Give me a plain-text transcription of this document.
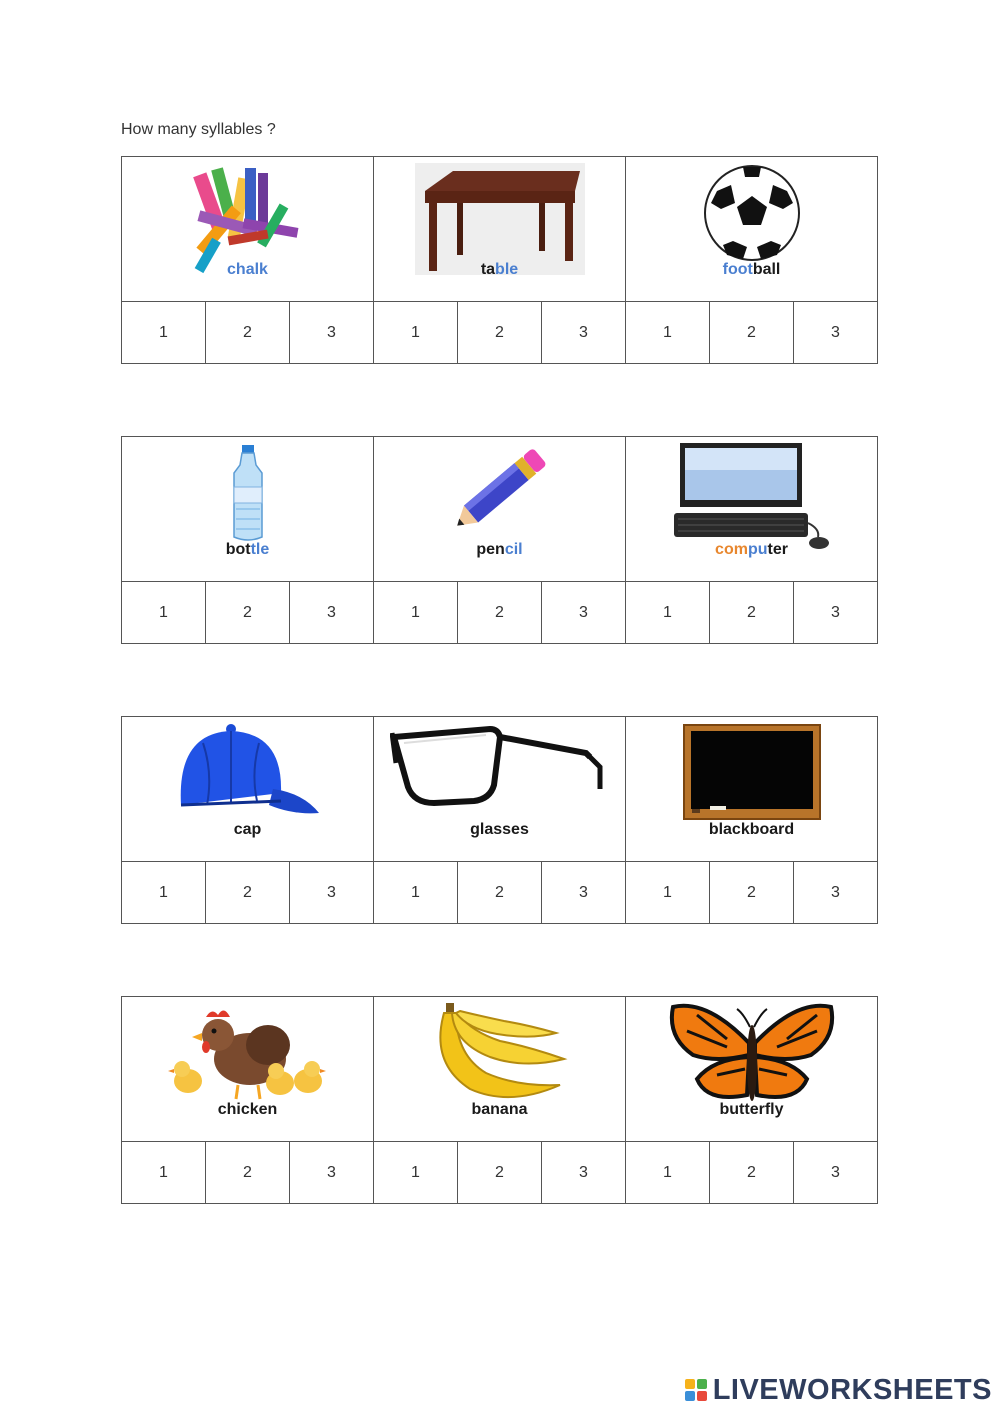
How many syllables ?
chalk			table			football		

1	2	3	1	2	3	1	2	3
bottle			pencil			computer		

1	2	3	1	2	3	1	2	3
cap			glasses			blackboard		

1	2	3	1	2	3	1	2	3
chicken			banana			butterfly		

1	2	3	1	2	3	1	2	3
LIVEWORKSHEETS
